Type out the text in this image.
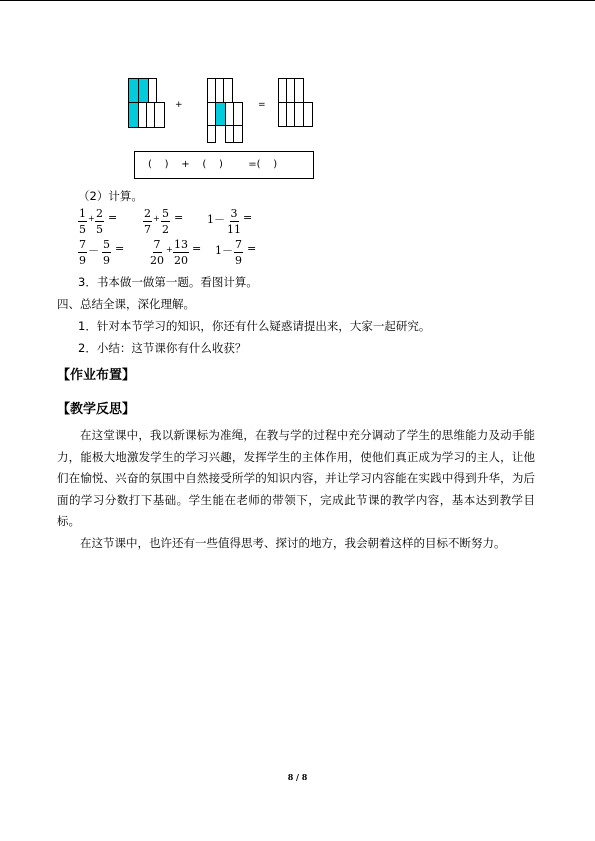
+	=
(    )    +    (    )        =(    )
（2）计算。
$\frac{1}{5} + \frac{2}{5} = \frac{2}{7} + \frac{5}{2} = 1- \frac{3}{11}$ =
$\frac{7}{9} - \frac{5}{9} = \frac{7}{20} + \frac{13}{20} = 1- \frac{7}{9}$ =
3．书本做一做第一题。看图计算。
四、总结全课，深化理解。
1．针对本节学习的知识，你还有什么疑惑请提出来，大家一起研究。
2．小结：这节课你有什么收获？
【作业布置】
【教学反思】
在这堂课中，我以新课标为准绳，在教与学的过程中充分调动了学生的思维能力及动手能力，能极大地激发学生的学习兴趣，发挥学生的主体作用，使他们真正成为学习的主人，让他们在愉悦、兴奋的氛围中自然接受所学的知识内容，并让学习内容能在实践中得到升华，为后面的学习分数打下基础。学生能在老师的带领下，完成此节课的教学内容，基本达到教学目标。
在这节课中，也许还有一些值得思考、探讨的地方，我会朝着这样的目标不断努力。
8 / 8
